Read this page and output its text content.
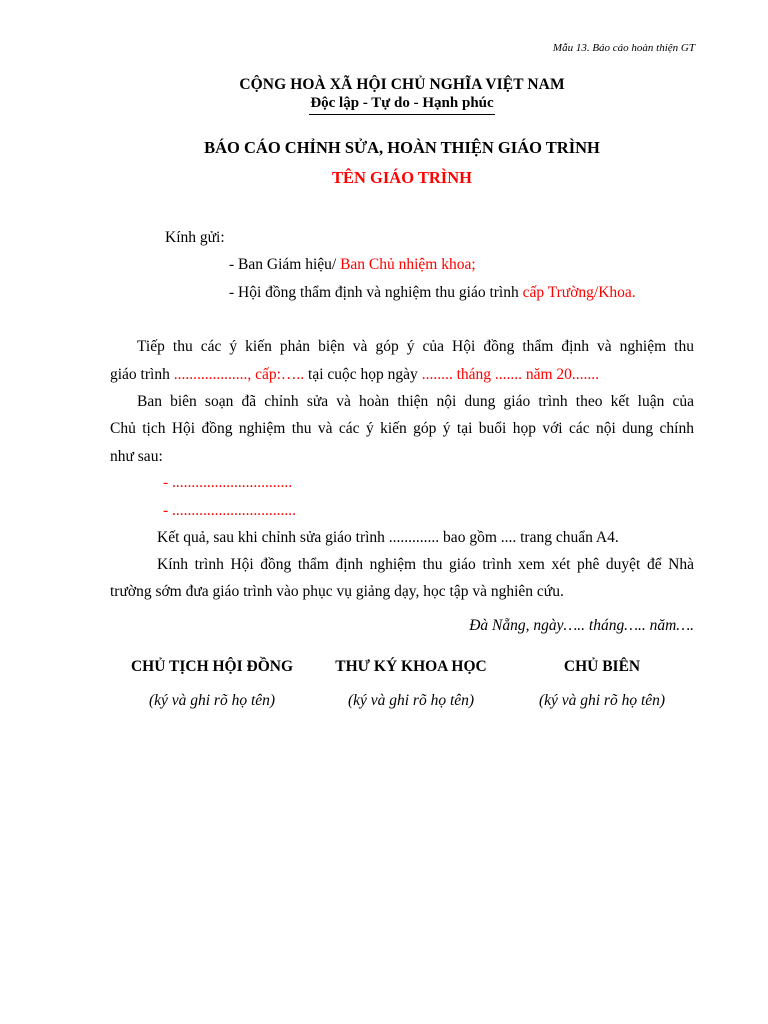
Mẫu 13. Báo cáo hoàn thiện GT
CỘNG HOÀ XÃ HỘI CHỦ NGHĨA VIỆT NAM
Độc lập - Tự do - Hạnh phúc
BÁO CÁO CHỈNH SỬA, HOÀN THIỆN GIÁO TRÌNH
TÊN GIÁO TRÌNH
Kính gửi:
- Ban Giám hiệu/ Ban Chủ nhiệm khoa;
- Hội đồng thẩm định và nghiệm thu giáo trình cấp Trường/Khoa.
Tiếp thu các ý kiến phản biện và góp ý của Hội đồng thẩm định và nghiệm thu
giáo trình ..................., cấp:….. tại cuộc họp ngày ........ tháng ....... năm 20.......
Ban biên soạn đã chỉnh sửa và hoàn thiện nội dung giáo trình theo kết luận của
Chủ tịch Hội đồng nghiệm thu và các ý kiến góp ý tại buổi họp với các nội dung chính
như sau:
- ...............................
- ................................
Kết quả, sau khi chỉnh sửa giáo trình ............. bao gồm .... trang chuẩn A4.
Kính trình Hội đồng thẩm định nghiệm thu giáo trình xem xét phê duyệt để Nhà
trường sớm đưa giáo trình vào phục vụ giảng dạy, học tập và nghiên cứu.
Đà Nẵng, ngày….. tháng….. năm….
CHỦ TỊCH HỘI ĐỒNG	THƯ KÝ KHOA HỌC	CHỦ BIÊN
(ký và ghi rõ họ tên)	(ký và ghi rõ họ tên)	(ký và ghi rõ họ tên)
